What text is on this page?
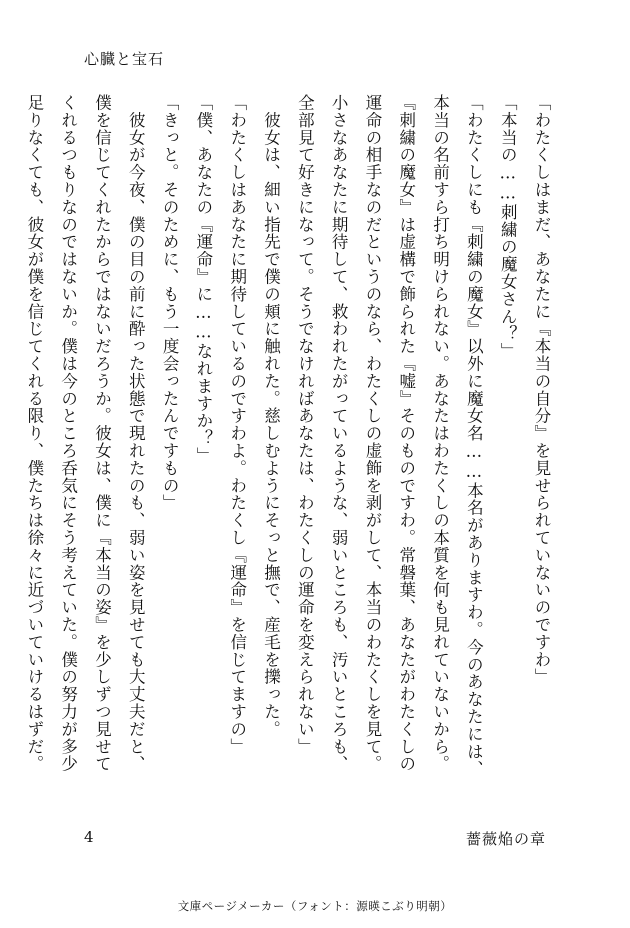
心臓と宝石
「わたくしはまだ、あなたに『本当の自分』を見せられていないのですわ」
「本当の……刺繍の魔女さん？」
「わたくしにも『刺繍の魔女』以外に魔女名……本名がありますわ。今のあなたには、
本当の名前すら打ち明けられない。あなたはわたくしの本質を何も見れていないから。
『刺繍の魔女』は虚構で飾られた『嘘』そのものですわ。常磐葉、あなたがわたくしの
運命の相手なのだというのなら、わたくしの虚飾を剥がして、本当のわたくしを見て。
小さなあなたに期待して、救われたがっているような、弱いところも、汚いところも、
全部見て好きになって。そうでなければあなたは、わたくしの運命を変えられない」
　彼女は、細い指先で僕の頬に触れた。慈しむようにそっと撫で、産毛を擽った。
「わたくしはあなたに期待しているのですわよ。わたくし『運命』を信じてますの」
「僕、あなたの『運命』に……なれますか？」
「きっと。そのために、もう一度会ったんですもの」
　彼女が今夜、僕の目の前に酔った状態で現れたのも、弱い姿を見せても大丈夫だと、
僕を信じてくれたからではないだろうか。彼女は、僕に『本当の姿』を少しずつ見せて
くれるつもりなのではないか。僕は今のところ呑気にそう考えていた。僕の努力が多少
足りなくても、彼女が僕を信じてくれる限り、僕たちは徐々に近づいていけるはずだ。
4	薔薇焔の章
文庫ページメーカー（フォント：源暎こぶり明朝）
